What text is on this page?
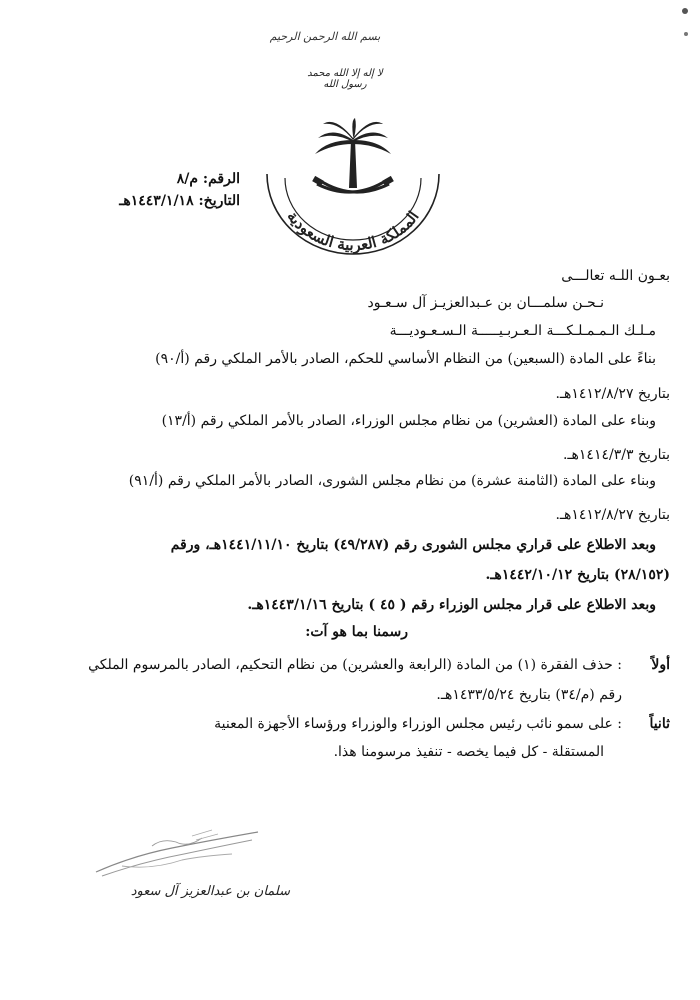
بسم الله الرحمن الرحيم
لا إله إلا الله محمد رسول الله
المملكة العربية السعودية
الرقم: م/٨
التاريخ: ١٤٤٣/١/١٨هـ
بعـون اللـه تعالـــى
نـحـن سلمـــان بن عـبدالعزيـز آل سـعـود
مـلـك الـمـمـلـكـــة الـعـربـيـــــة الـسـعـوديـــة
بناءً على المادة (السبعين) من النظام الأساسي للحكم، الصادر بالأمر الملكي رقم (أ/٩٠)
بتاريخ ١٤١٢/٨/٢٧هـ.
وبناء على المادة (العشرين) من نظام مجلس الوزراء، الصادر بالأمر الملكي رقم (أ/١٣)
بتاريخ ١٤١٤/٣/٣هـ.
وبناء على المادة (الثامنة عشرة) من نظام مجلس الشورى، الصادر بالأمر الملكي رقم (أ/٩١)
بتاريخ ١٤١٢/٨/٢٧هـ.
وبعد الاطلاع على قراري مجلس الشورى رقم (٤٩/٢٨٧) بتاريخ ١٤٤١/١١/١٠هـ، ورقم
(٢٨/١٥٢) بتاريخ ١٤٤٢/١٠/١٢هـ.
وبعد الاطلاع على قرار مجلس الوزراء رقم ( ٤٥ ) بتاريخ ١٤٤٣/١/١٦هـ.
رسمنا بما هو آت:
أولاً
: حذف الفقرة (١) من المادة (الرابعة والعشرين) من نظام التحكيم، الصادر بالمرسوم الملكي
رقم (م/٣٤) بتاريخ ١٤٣٣/٥/٢٤هـ.
ثانياً
: على سمو نائب رئيس مجلس الوزراء والوزراء ورؤساء الأجهزة المعنية
المستقلة - كل فيما يخصه - تنفيذ مرسومنا هذا.
سلمان بن عبدالعزيز آل سعود
